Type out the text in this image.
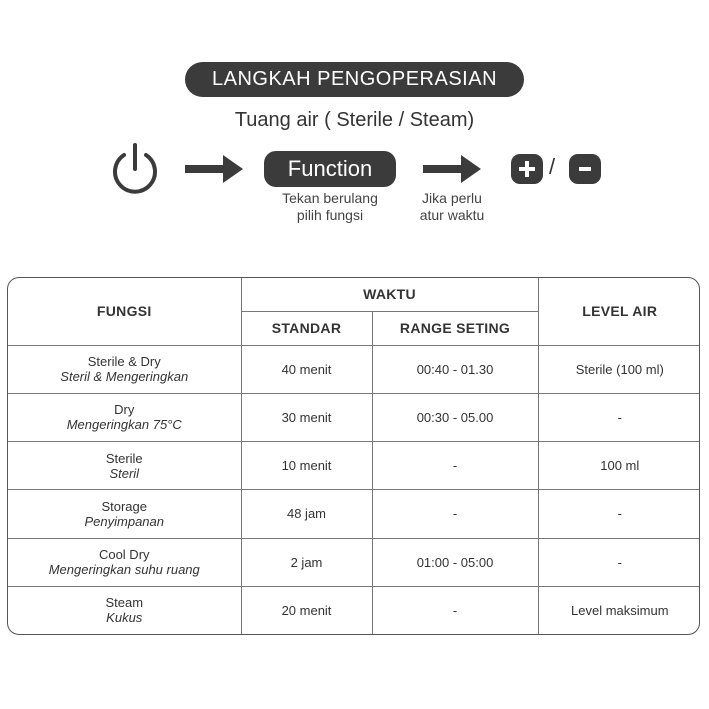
LANGKAH PENGOPERASIAN
Tuang air ( Sterile / Steam)
Function
Tekan berulang
pilih fungsi
Jika perlu
atur waktu
/
FUNGSI	WAKTU		LEVEL AIR
	STANDAR	RANGE SETING	

Sterile & Dry
Steril & Mengeringkan	40 menit	00:40 - 01.30	Sterile (100 ml)

Dry
Mengeringkan 75°C	30 menit	00:30 - 05.00	-

Sterile
Steril	10 menit	-	100 ml

Storage
Penyimpanan	48 jam	-	-

Cool Dry
Mengeringkan suhu ruang	2 jam	01:00 - 05:00	-

Steam
Kukus	20 menit	-	Level maksimum
